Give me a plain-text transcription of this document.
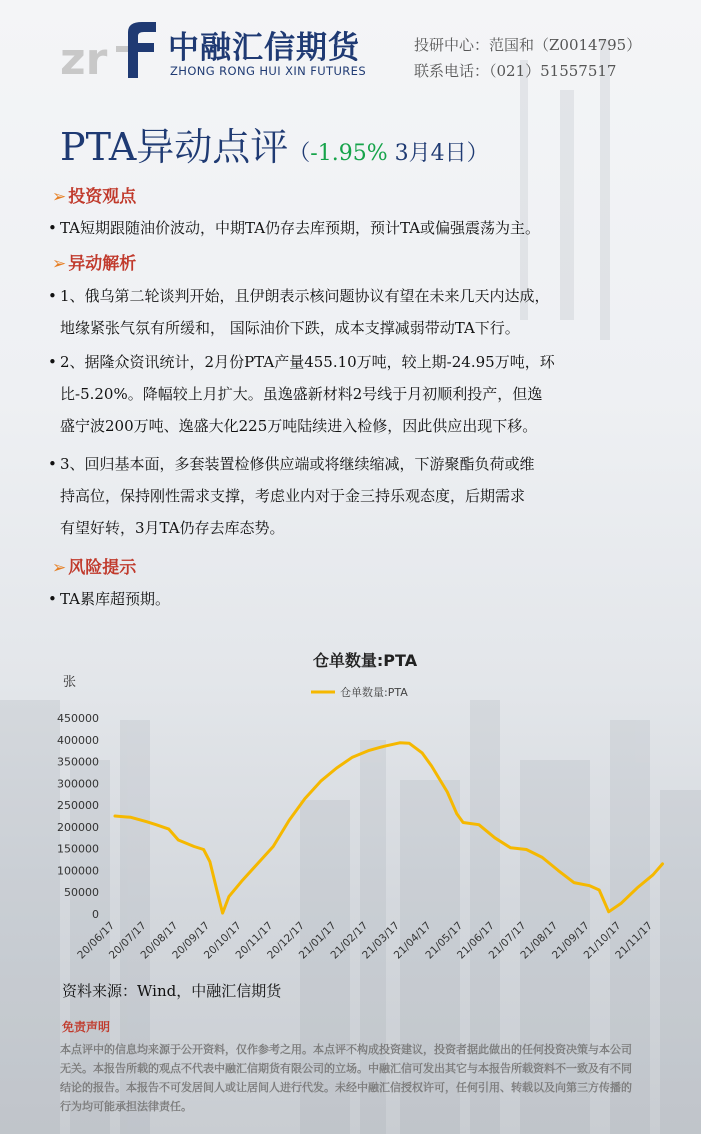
zr 中融汇信期货
ZHONG RONG HUI XIN FUTURES
投研中心：范国和（Z0014795）
联系电话：（021）51557517
PTA异动点评（-1.95% 3月4日）
➢ 投资观点
• TA短期跟随油价波动，中期TA仍存去库预期，预计TA或偏强震荡为主。
➢ 异动解析
• 1、俄乌第二轮谈判开始，且伊朗表示核问题协议有望在未来几天内达成，
地缘紧张气氛有所缓和， 国际油价下跌，成本支撑减弱带动TA下行。
• 2、据隆众资讯统计，2月份PTA产量455.10万吨，较上期-24.95万吨，环
比-5.20%。降幅较上月扩大。虽逸盛新材料2号线于月初顺利投产，但逸
盛宁波200万吨、逸盛大化225万吨陆续进入检修，因此供应出现下移。
• 3、回归基本面，多套装置检修供应端或将继续缩减，下游聚酯负荷或维
持高位，保持刚性需求支撑，考虑业内对于金三持乐观态度，后期需求
有望好转，3月TA仍存去库态势。
➢ 风险提示
• TA累库超预期。
仓单数量:PTA
张
仓单数量:PTA
450000
400000
350000
300000
250000
200000
150000
100000
50000
0
20/06/17
20/07/17
20/08/17
20/09/17
20/10/17
20/11/17
20/12/17
21/01/17
21/02/17
21/03/17
21/04/17
21/05/17
21/06/17
21/07/17
21/08/17
21/09/17
21/10/17
21/11/17
资料来源：Wind，中融汇信期货
免责声明
本点评中的信息均来源于公开资料，仅作参考之用。本点评不构成投资建议，投资者据此做出的任何投资决策与本公司无关。本报告所载的观点不代表中融汇信期货有限公司的立场。中融汇信可发出其它与本报告所载资料不一致及有不同结论的报告。本报告不可发居间人或让居间人进行代发。未经中融汇信授权许可，任何引用、转载以及向第三方传播的行为均可能承担法律责任。
